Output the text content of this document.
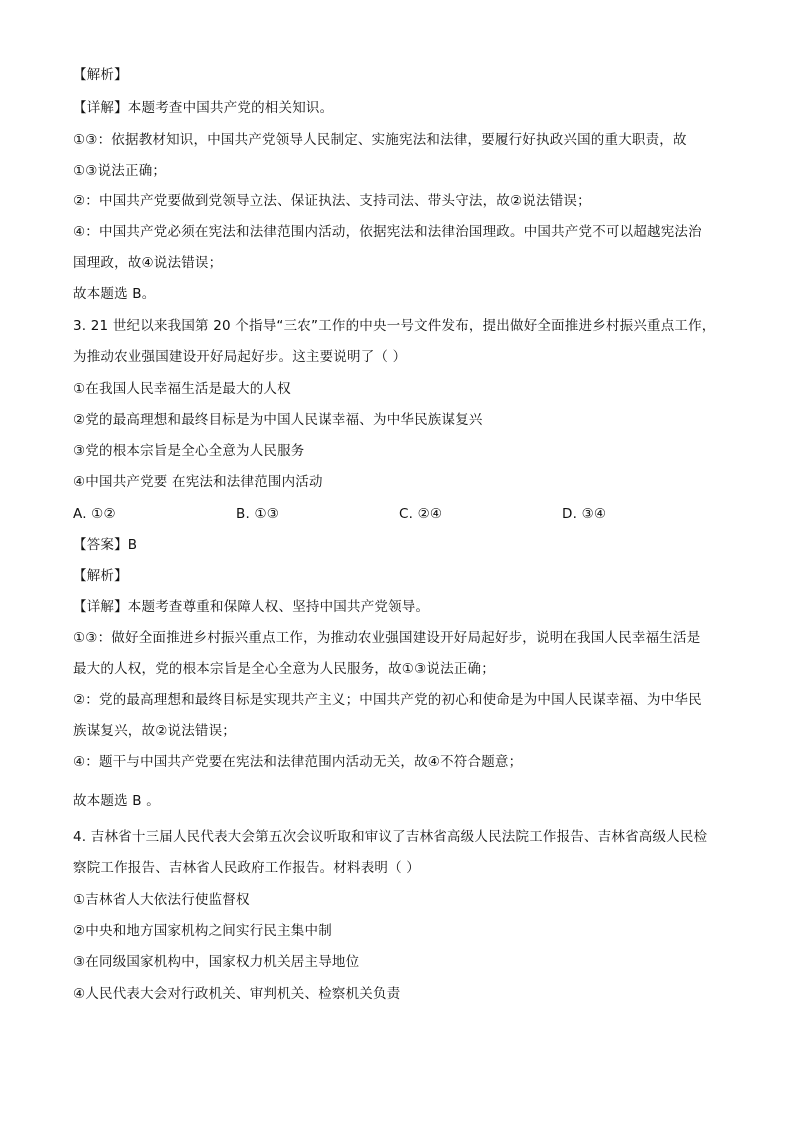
【解析】
【详解】本题考查中国共产党的相关知识。
①③：依据教材知识，中国共产党领导人民制定、实施宪法和法律，要履行好执政兴国的重大职责，故
①③说法正确；
②：中国共产党要做到党领导立法、保证执法、支持司法、带头守法，故②说法错误；
④：中国共产党必须在宪法和法律范围内活动，依据宪法和法律治国理政。中国共产党不可以超越宪法治
国理政，故④说法错误；
故本题选 B。
3. 21 世纪以来我国第 20 个指导“三农”工作的中央一号文件发布，提出做好全面推进乡村振兴重点工作，
为推动农业强国建设开好局起好步。这主要说明了（ ）
①在我国人民幸福生活是最大的人权
②党的最高理想和最终目标是为中国人民谋幸福、为中华民族谋复兴
③党的根本宗旨是全心全意为人民服务
④中国共产党要 在宪法和法律范围内活动
A. ①②	B. ①③	C. ②④	D. ③④
【答案】B
【解析】
【详解】本题考查尊重和保障人权、坚持中国共产党领导。
①③：做好全面推进乡村振兴重点工作，为推动农业强国建设开好局起好步，说明在我国人民幸福生活是
最大的人权，党的根本宗旨是全心全意为人民服务，故①③说法正确；
②：党的最高理想和最终目标是实现共产主义；中国共产党的初心和使命是为中国人民谋幸福、为中华民
族谋复兴，故②说法错误；
④：题干与中国共产党要在宪法和法律范围内活动无关，故④不符合题意；
故本题选 B 。
4. 吉林省十三届人民代表大会第五次会议听取和审议了吉林省高级人民法院工作报告、吉林省高级人民检
察院工作报告、吉林省人民政府工作报告。材料表明（ ）
①吉林省人大依法行使监督权
②中央和地方国家机构之间实行民主集中制
③在同级国家机构中，国家权力机关居主导地位
④人民代表大会对行政机关、审判机关、检察机关负责
